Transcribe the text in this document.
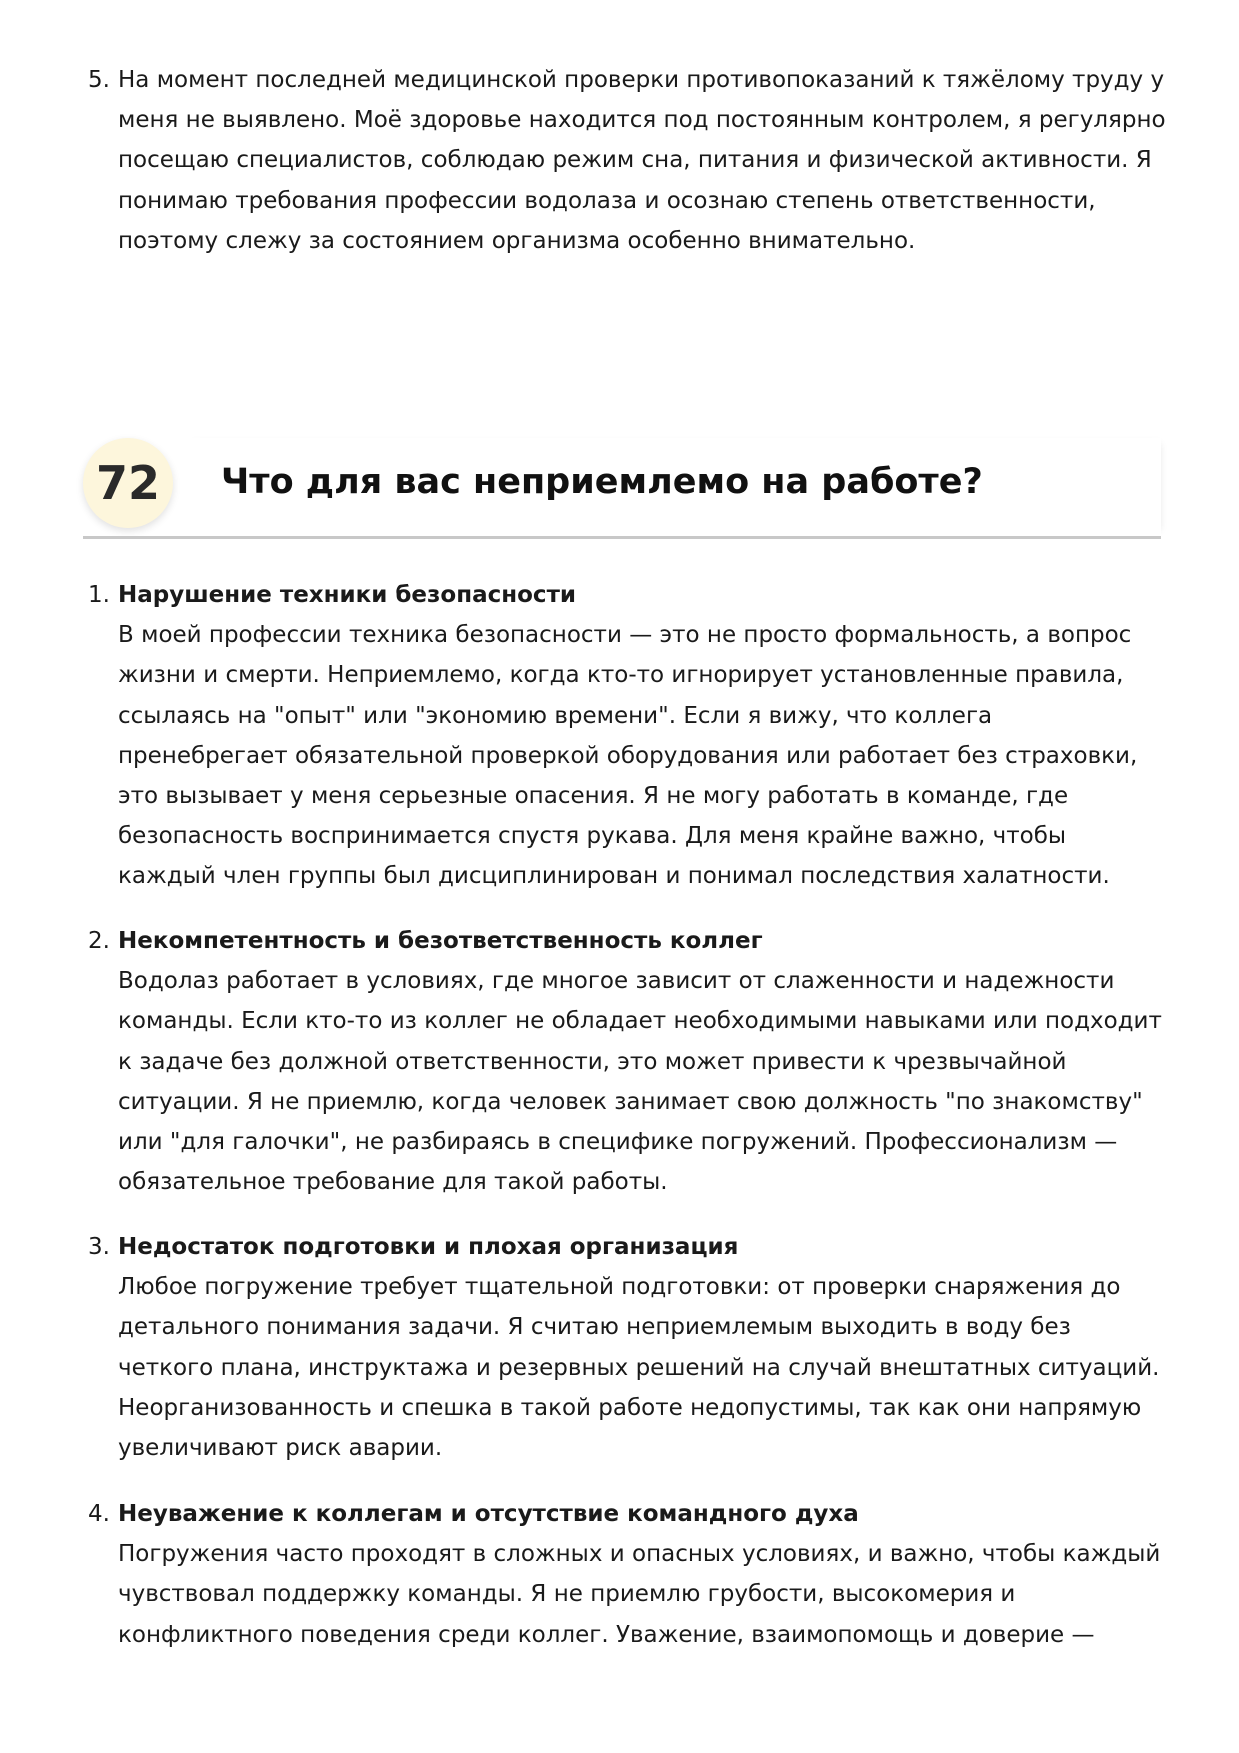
5. На момент последней медицинской проверки противопоказаний к тяжёлому труду у меня не выявлено. Моё здоровье находится под постоянным контролем, я регулярно посещаю специалистов, соблюдаю режим сна, питания и физической активности. Я понимаю требования профессии водолаза и осознаю степень ответственности, поэтому слежу за состоянием организма особенно внимательно.

72	Что для вас неприемлемо на работе?
1. Нарушение техники безопасности

В моей профессии техника безопасности — это не просто формальность, а вопрос жизни и смерти. Неприемлемо, когда кто-то игнорирует установленные правила, ссылаясь на "опыт" или "экономию времени". Если я вижу, что коллега пренебрегает обязательной проверкой оборудования или работает без страховки, это вызывает у меня серьезные опасения. Я не могу работать в команде, где безопасность воспринимается спустя рукава. Для меня крайне важно, чтобы каждый член группы был дисциплинирован и понимал последствия халатности.

2. Некомпетентность и безответственность коллег

Водолаз работает в условиях, где многое зависит от слаженности и надежности команды. Если кто-то из коллег не обладает необходимыми навыками или подходит к задаче без должной ответственности, это может привести к чрезвычайной ситуации. Я не приемлю, когда человек занимает свою должность "по знакомству" или "для галочки", не разбираясь в специфике погружений. Профессионализм — обязательное требование для такой работы.

3. Недостаток подготовки и плохая организация

Любое погружение требует тщательной подготовки: от проверки снаряжения до детального понимания задачи. Я считаю неприемлемым выходить в воду без четкого плана, инструктажа и резервных решений на случай внештатных ситуаций. Неорганизованность и спешка в такой работе недопустимы, так как они напрямую увеличивают риск аварии.

4. Неуважение к коллегам и отсутствие командного духа

Погружения часто проходят в сложных и опасных условиях, и важно, чтобы каждый чувствовал поддержку команды. Я не приемлю грубости, высокомерия и конфликтного поведения среди коллег. Уважение, взаимопомощь и доверие —
